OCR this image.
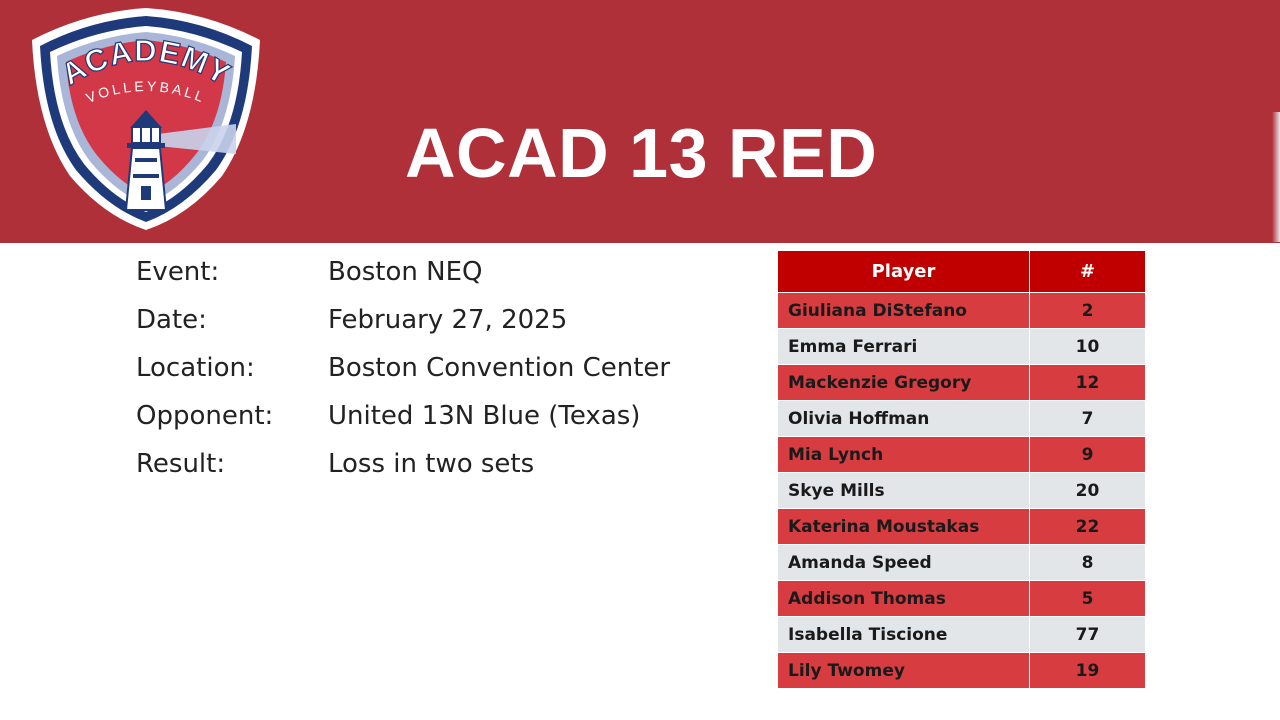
ACADEMY
VOLLEYBALL
ACAD 13 RED
Event:	Boston NEQ
Date:	February 27, 2025
Location:	Boston Convention Center
Opponent: United 13N Blue (Texas)
Result:	Loss in two sets
Player	#
Giuliana DiStefano	2
Emma Ferrari	10
Mackenzie Gregory	12
Olivia Hoffman	7
Mia Lynch	9
Skye Mills	20
Katerina Moustakas	22
Amanda Speed	8
Addison Thomas	5
Isabella Tiscione	77
Lily Twomey	19
